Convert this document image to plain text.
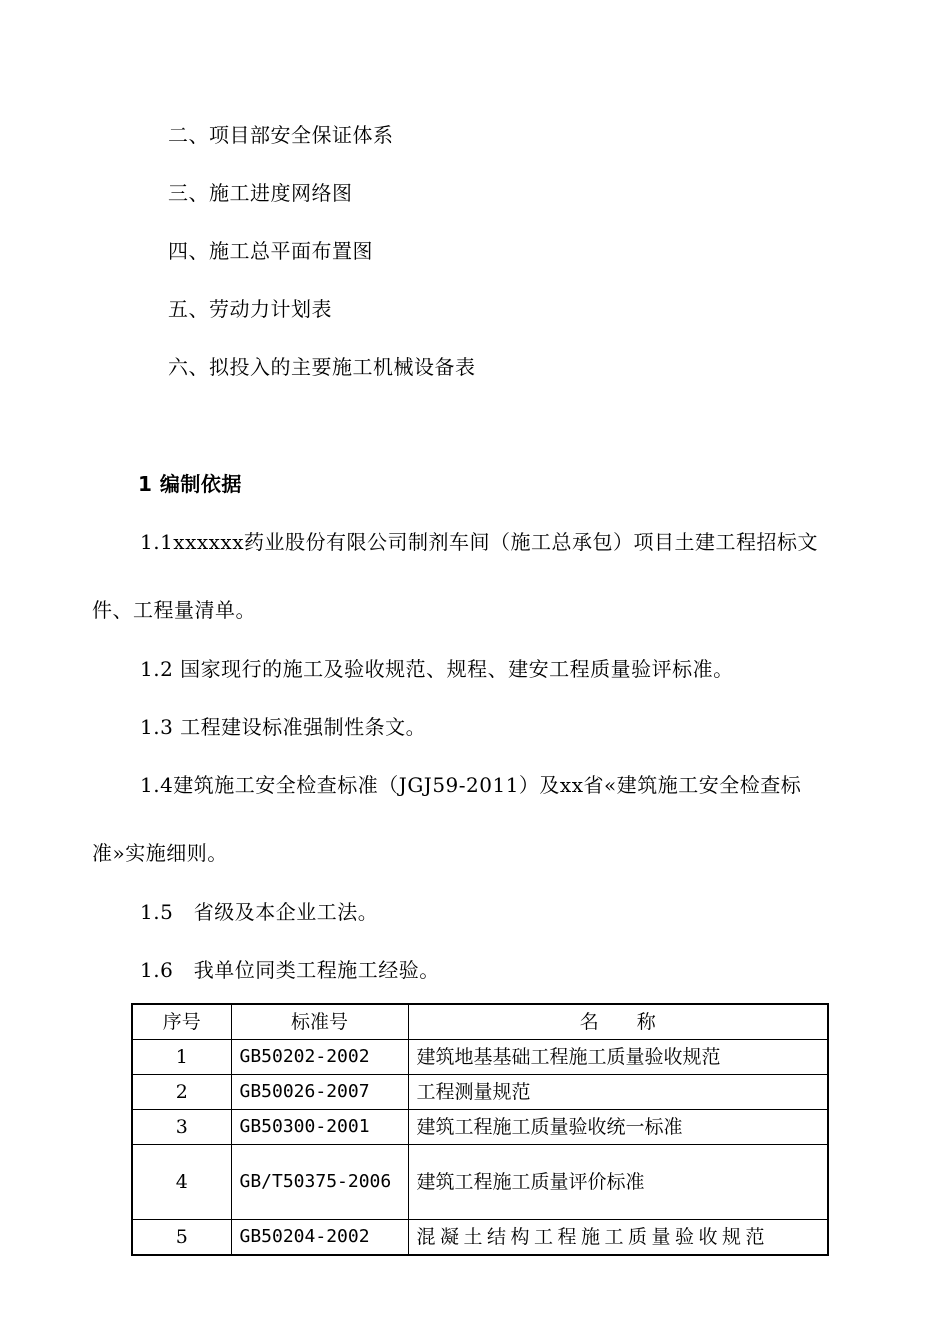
二、项目部安全保证体系
三、施工进度网络图
四、施工总平面布置图
五、劳动力计划表
六、拟投入的主要施工机械设备表
1 编制依据
1.1xxxxxx药业股份有限公司制剂车间（施工总承包）项目土建工程招标文
件、工程量清单。
1.2 国家现行的施工及验收规范、规程、建安工程质量验评标准。
1.3 工程建设标准强制性条文。
1.4建筑施工安全检查标准（JGJ59-2011）及xx省«建筑施工安全检查标
准»实施细则。
1.5　省级及本企业工法。
1.6　我单位同类工程施工经验。
序号	标准号	名　　称
1	GB50202-2002	建筑地基基础工程施工质量验收规范
2	GB50026-2007	工程测量规范
3	GB50300-2001	建筑工程施工质量验收统一标准
4	GB/T50375-2006	建筑工程施工质量评价标准
5	GB50204-2002	混凝土结构工程施工质量验收规范
